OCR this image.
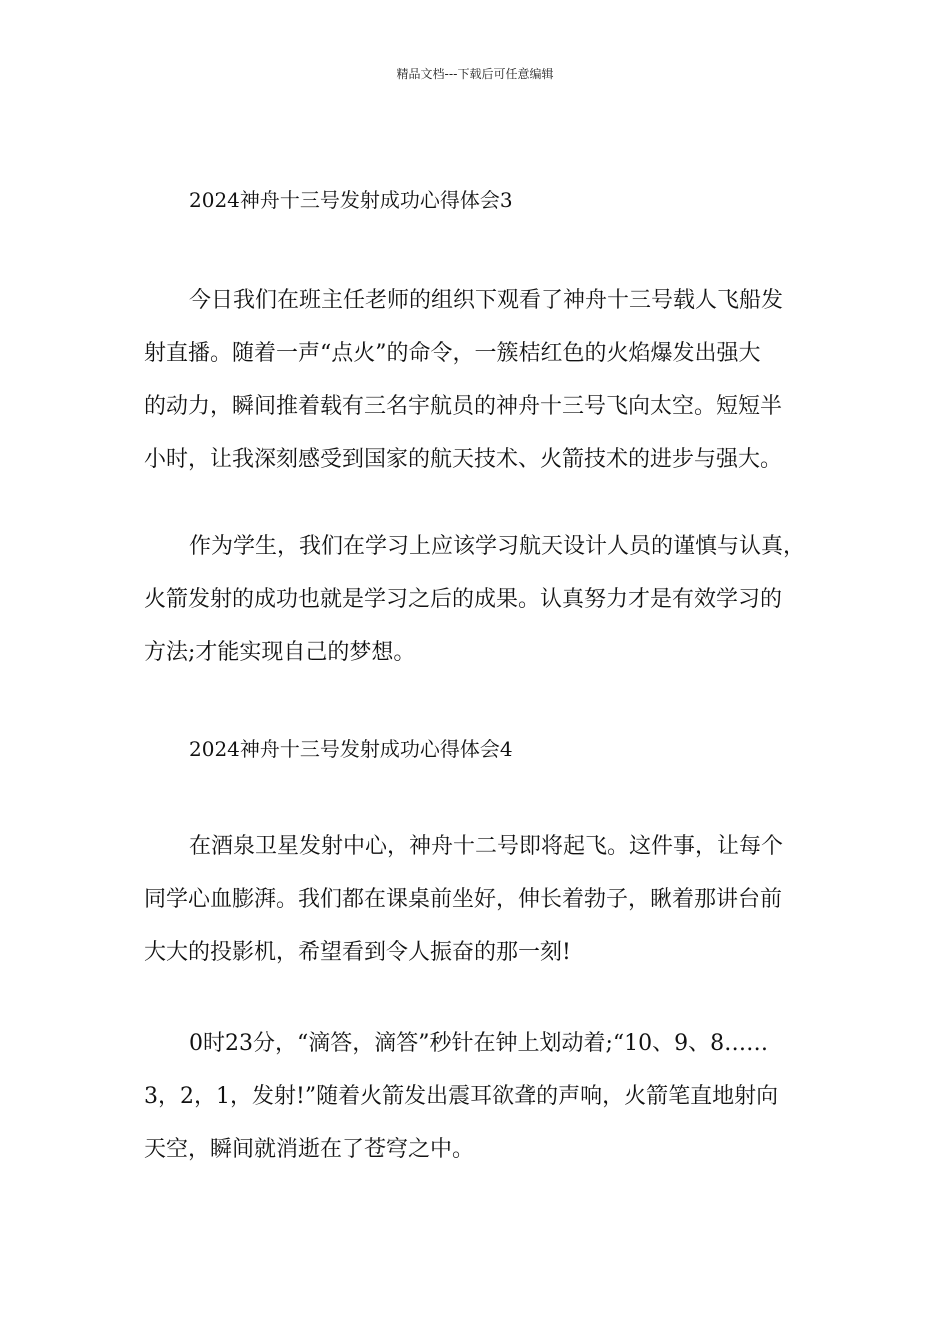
精品文档---下载后可任意编辑
2024神舟十三号发射成功心得体会3
今日我们在班主任老师的组织下观看了神舟十三号载人飞船发
射直播。随着一声“点火”的命令，一簇桔红色的火焰爆发出强大
的动力，瞬间推着载有三名宇航员的神舟十三号飞向太空。短短半
小时，让我深刻感受到国家的航天技术、火箭技术的进步与强大。
作为学生，我们在学习上应该学习航天设计人员的谨慎与认真，
火箭发射的成功也就是学习之后的成果。认真努力才是有效学习的
方法;才能实现自己的梦想。
2024神舟十三号发射成功心得体会4
在酒泉卫星发射中心，神舟十二号即将起飞。这件事，让每个
同学心血膨湃。我们都在课桌前坐好，伸长着勃子，瞅着那讲台前
大大的投影机，希望看到令人振奋的那一刻!
0时23分，“滴答，滴答”秒针在钟上划动着;“10、9、8……
3，2，1，发射!”随着火箭发出震耳欲聋的声响，火箭笔直地射向
天空，瞬间就消逝在了苍穹之中。
